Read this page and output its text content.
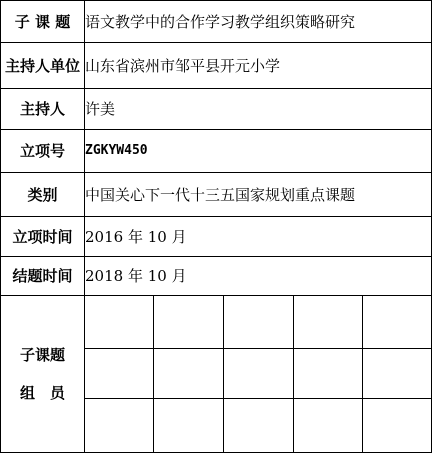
子 课 题	语文教学中的合作学习教学组织策略研究				
主持人单位	山东省滨州市邹平县开元小学				
主持人	许美				
立项号	ZGKYW450				
类别	中国关心下一代十三五国家规划重点课题				
立项时间	2016 年 10 月				
结题时间	2018 年 10 月				

子课题
组　员					
